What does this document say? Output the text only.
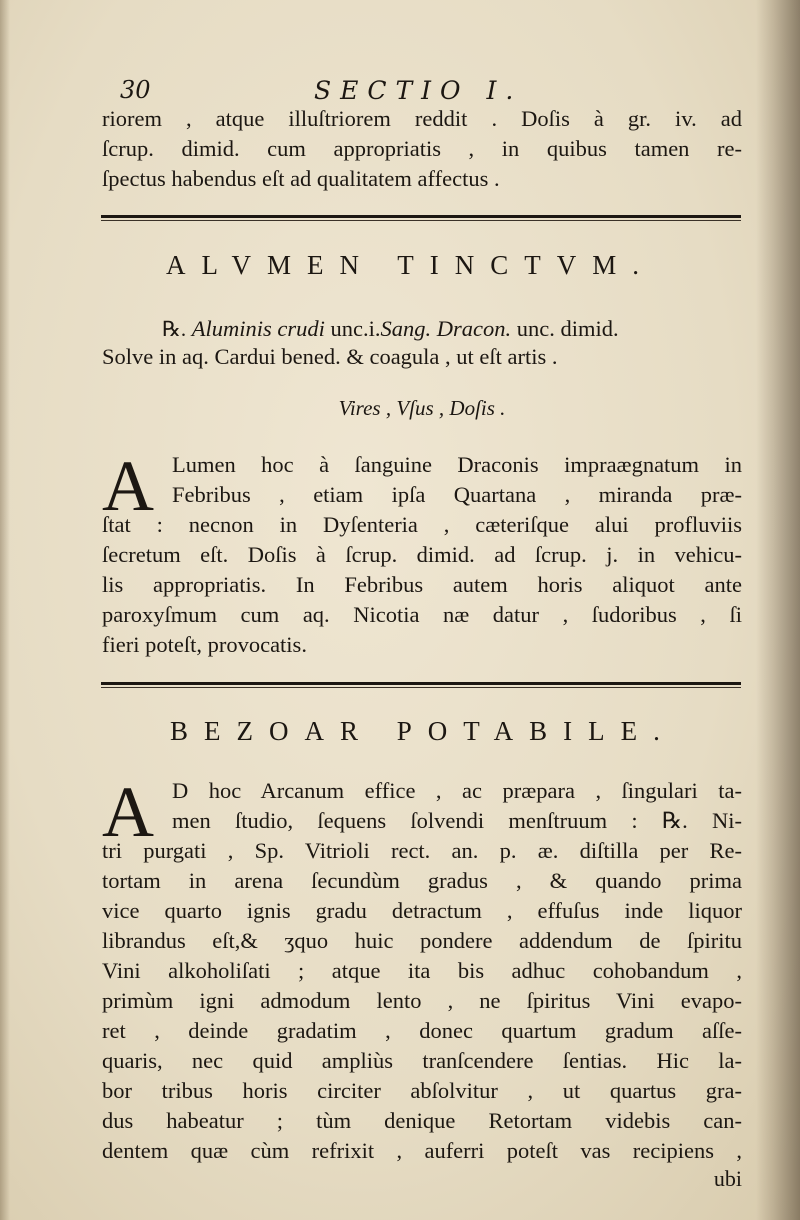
30	SECTIO I.
riorem , atque illuſtriorem reddit . Doſis à gr. iv. ad
ſcrup. dimid. cum appropriatis , in quibus tamen re-
ſpectus habendus eſt ad qualitatem affectus .
ALVMEN TINCTVM.
℞. Aluminis crudi unc.i.Sang. Dracon. unc. dimid.
Solve in aq. Cardui bened. & coagula , ut eſt artis .
Vires , Vſus , Doſis .
A Lumen hoc à ſanguine Draconis impraægnatum in
Febribus , etiam ipſa Quartana , miranda præ-
ſtat : necnon in Dyſenteria , cæteriſque alui profluviis
ſecretum eſt. Doſis à ſcrup. dimid. ad ſcrup. j. in vehicu-
lis appropriatis. In Febribus autem horis aliquot ante
paroxyſmum cum aq. Nicotia næ datur , ſudoribus , ſi
fieri poteſt, provocatis.
BEZOAR POTABILE.
A D hoc Arcanum effice , ac præpara , ſingulari ta-
men ſtudio, ſequens ſolvendi menſtruum : ℞. Ni-
tri purgati , Sp. Vitrioli rect. an. p. æ. diſtilla per Re-
tortam in arena ſecundùm gradus , & quando prima
vice quarto ignis gradu detractum , effuſus inde liquor
librandus eſt,& ʒquo huic pondere addendum de ſpiritu
Vini alkoholiſati ; atque ita bis adhuc cohobandum ,
primùm igni admodum lento , ne ſpiritus Vini evapo-
ret , deinde gradatim , donec quartum gradum aſſe-
quaris, nec quid ampliùs tranſcendere ſentias. Hic la-
bor tribus horis circiter abſolvitur , ut quartus gra-
dus habeatur ; tùm denique Retortam videbis can-
dentem quæ cùm refrixit , auferri poteſt vas recipiens ,
ubi
